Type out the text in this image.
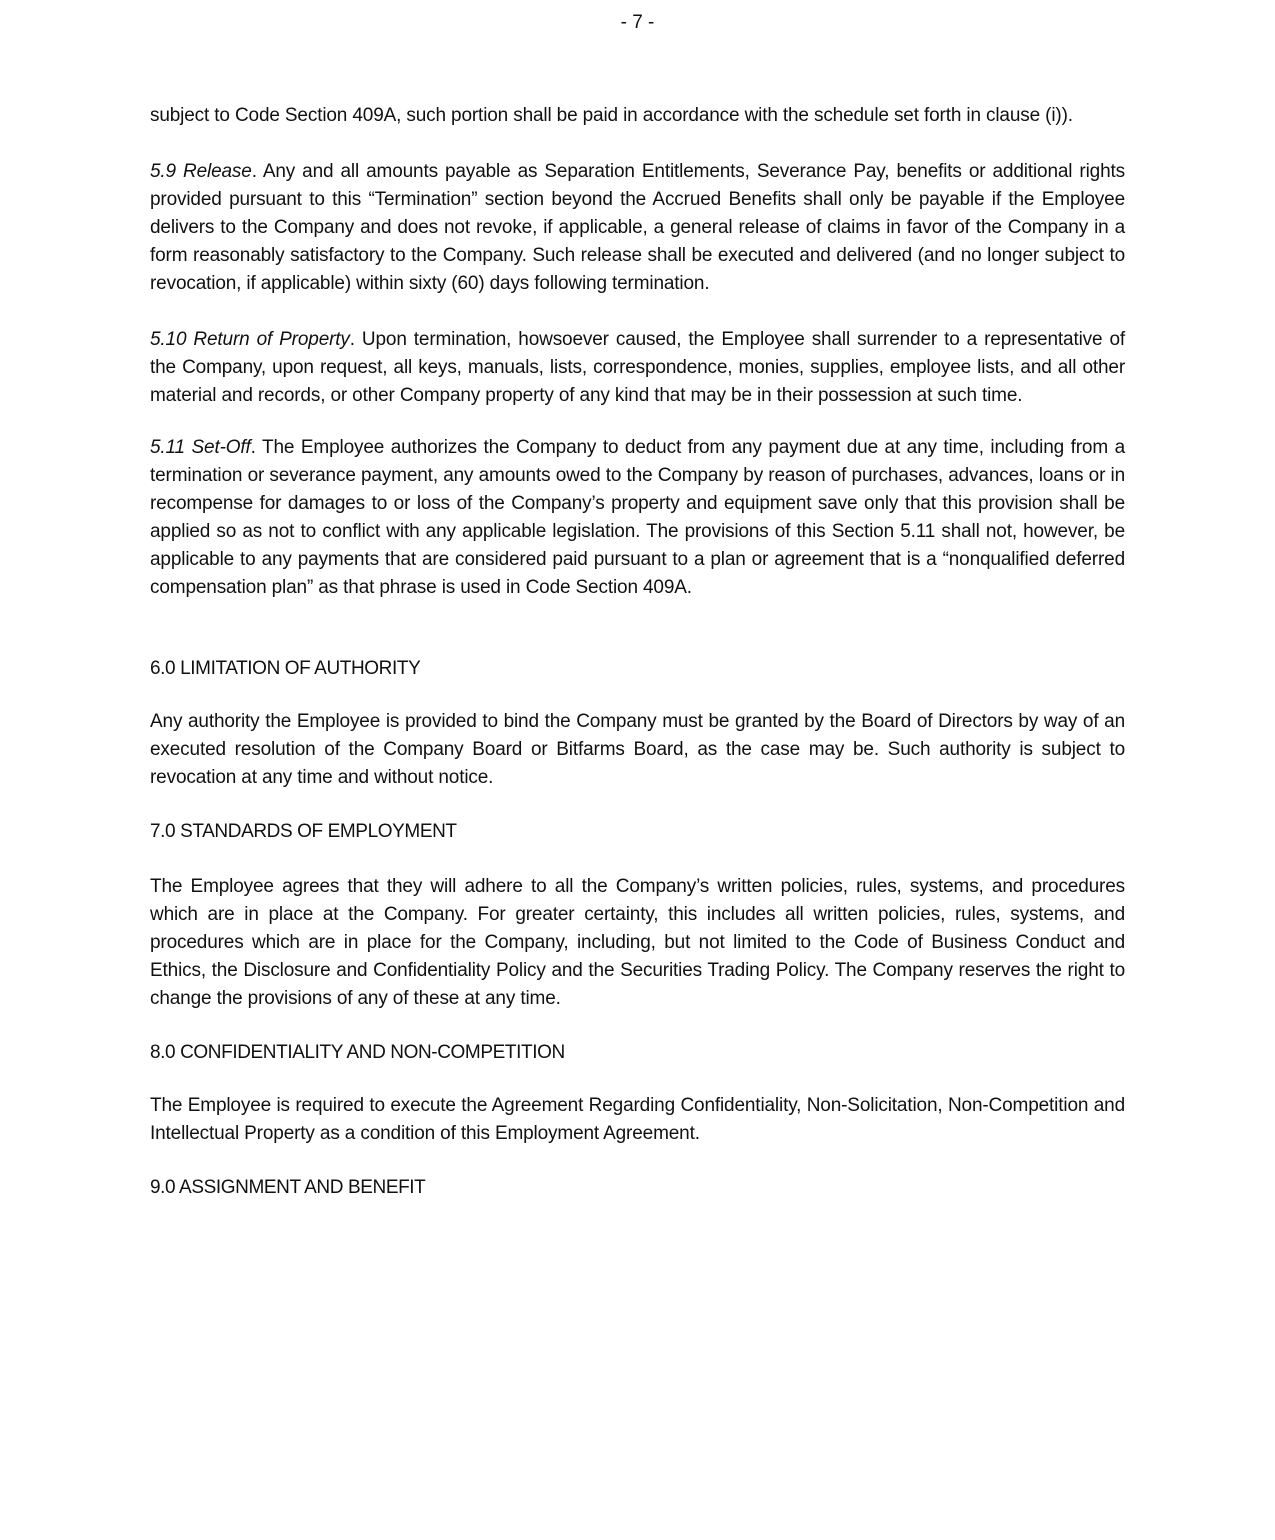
- 7 -

subject to Code Section 409A, such portion shall be paid in accordance with the schedule set forth in clause (i)).

5.9 Release. Any and all amounts payable as Separation Entitlements, Severance Pay, benefits or additional rights provided pursuant to this “Termination” section beyond the Accrued Benefits shall only be payable if the Employee delivers to the Company and does not revoke, if applicable, a general release of claims in favor of the Company in a form reasonably satisfactory to the Company. Such release shall be executed and delivered (and no longer subject to revocation, if applicable) within sixty (60) days following termination.

5.10 Return of Property. Upon termination, howsoever caused, the Employee shall surrender to a representative of the Company, upon request, all keys, manuals, lists, correspondence, monies, supplies, employee lists, and all other material and records, or other Company property of any kind that may be in their possession at such time.

5.11 Set-Off. The Employee authorizes the Company to deduct from any payment due at any time, including from a termination or severance payment, any amounts owed to the Company by reason of purchases, advances, loans or in recompense for damages to or loss of the Company’s property and equipment save only that this provision shall be applied so as not to conflict with any applicable legislation. The provisions of this Section 5.11 shall not, however, be applicable to any payments that are considered paid pursuant to a plan or agreement that is a “nonqualified deferred compensation plan” as that phrase is used in Code Section 409A.

6.0 LIMITATION OF AUTHORITY

Any authority the Employee is provided to bind the Company must be granted by the Board of Directors by way of an executed resolution of the Company Board or Bitfarms Board, as the case may be. Such authority is subject to revocation at any time and without notice.

7.0 STANDARDS OF EMPLOYMENT

The Employee agrees that they will adhere to all the Company’s written policies, rules, systems, and procedures which are in place at the Company. For greater certainty, this includes all written policies, rules, systems, and procedures which are in place for the Company, including, but not limited to the Code of Business Conduct and Ethics, the Disclosure and Confidentiality Policy and the Securities Trading Policy. The Company reserves the right to change the provisions of any of these at any time.

8.0 CONFIDENTIALITY AND NON-COMPETITION

The Employee is required to execute the Agreement Regarding Confidentiality, Non-Solicitation, Non-Competition and Intellectual Property as a condition of this Employment Agreement.

9.0 ASSIGNMENT AND BENEFIT
